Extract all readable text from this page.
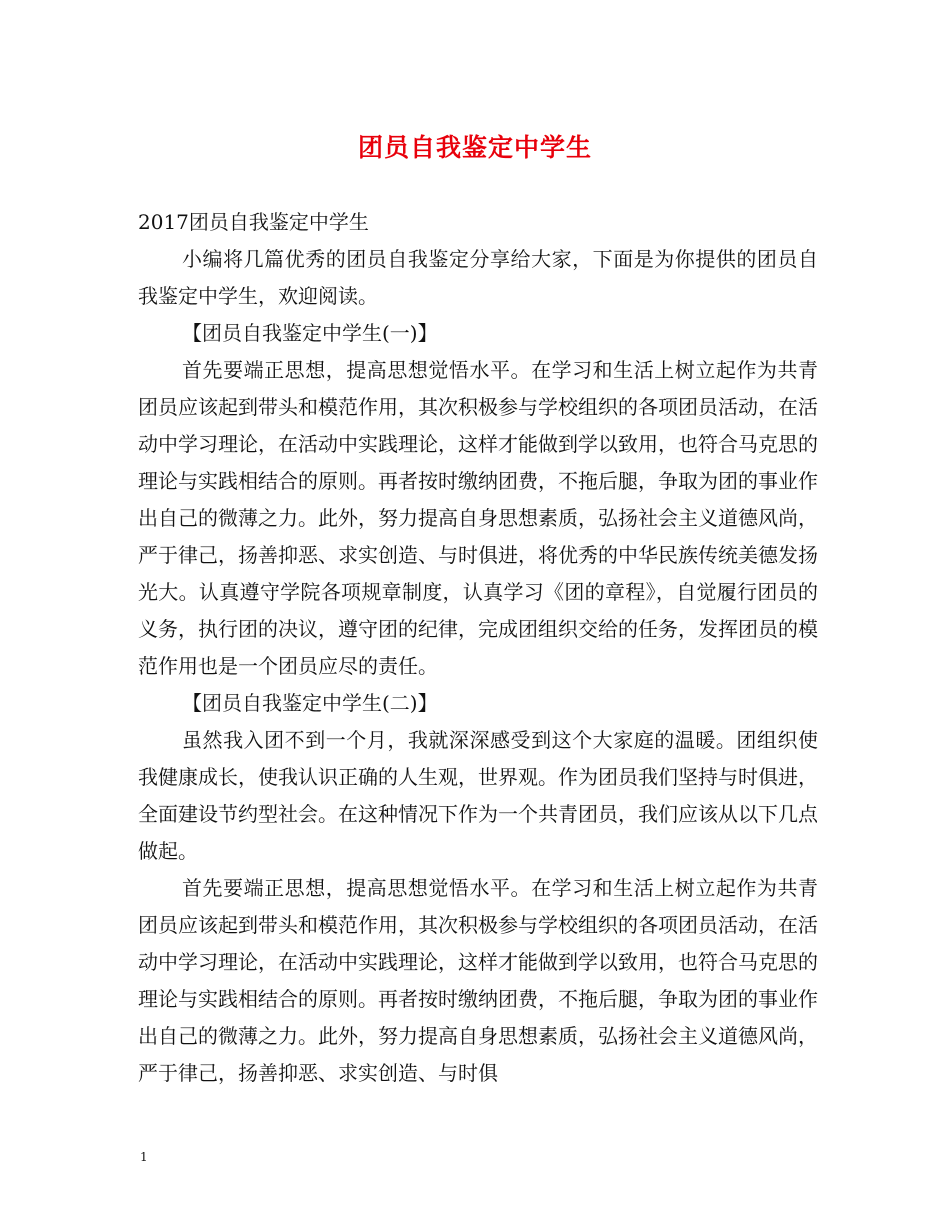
团员自我鉴定中学生

2017团员自我鉴定中学生

小编将几篇优秀的团员自我鉴定分享给大家，下面是为你提供的团员自我鉴定中学生，欢迎阅读。

【团员自我鉴定中学生(一)】

首先要端正思想，提高思想觉悟水平。在学习和生活上树立起作为共青团员应该起到带头和模范作用，其次积极参与学校组织的各项团员活动，在活动中学习理论，在活动中实践理论，这样才能做到学以致用，也符合马克思的理论与实践相结合的原则。再者按时缴纳团费，不拖后腿，争取为团的事业作出自己的微薄之力。此外，努力提高自身思想素质，弘扬社会主义道德风尚，严于律己，扬善抑恶、求实创造、与时俱进，将优秀的中华民族传统美德发扬光大。认真遵守学院各项规章制度，认真学习《团的章程》，自觉履行团员的义务，执行团的决议，遵守团的纪律，完成团组织交给的任务，发挥团员的模范作用也是一个团员应尽的责任。

【团员自我鉴定中学生(二)】

虽然我入团不到一个月，我就深深感受到这个大家庭的温暖。团组织使我健康成长，使我认识正确的人生观，世界观。作为团员我们坚持与时俱进，全面建设节约型社会。在这种情况下作为一个共青团员，我们应该从以下几点做起。

首先要端正思想，提高思想觉悟水平。在学习和生活上树立起作为共青团员应该起到带头和模范作用，其次积极参与学校组织的各项团员活动，在活动中学习理论，在活动中实践理论，这样才能做到学以致用，也符合马克思的理论与实践相结合的原则。再者按时缴纳团费，不拖后腿，争取为团的事业作出自己的微薄之力。此外，努力提高自身思想素质，弘扬社会主义道德风尚，严于律己，扬善抑恶、求实创造、与时俱

1
